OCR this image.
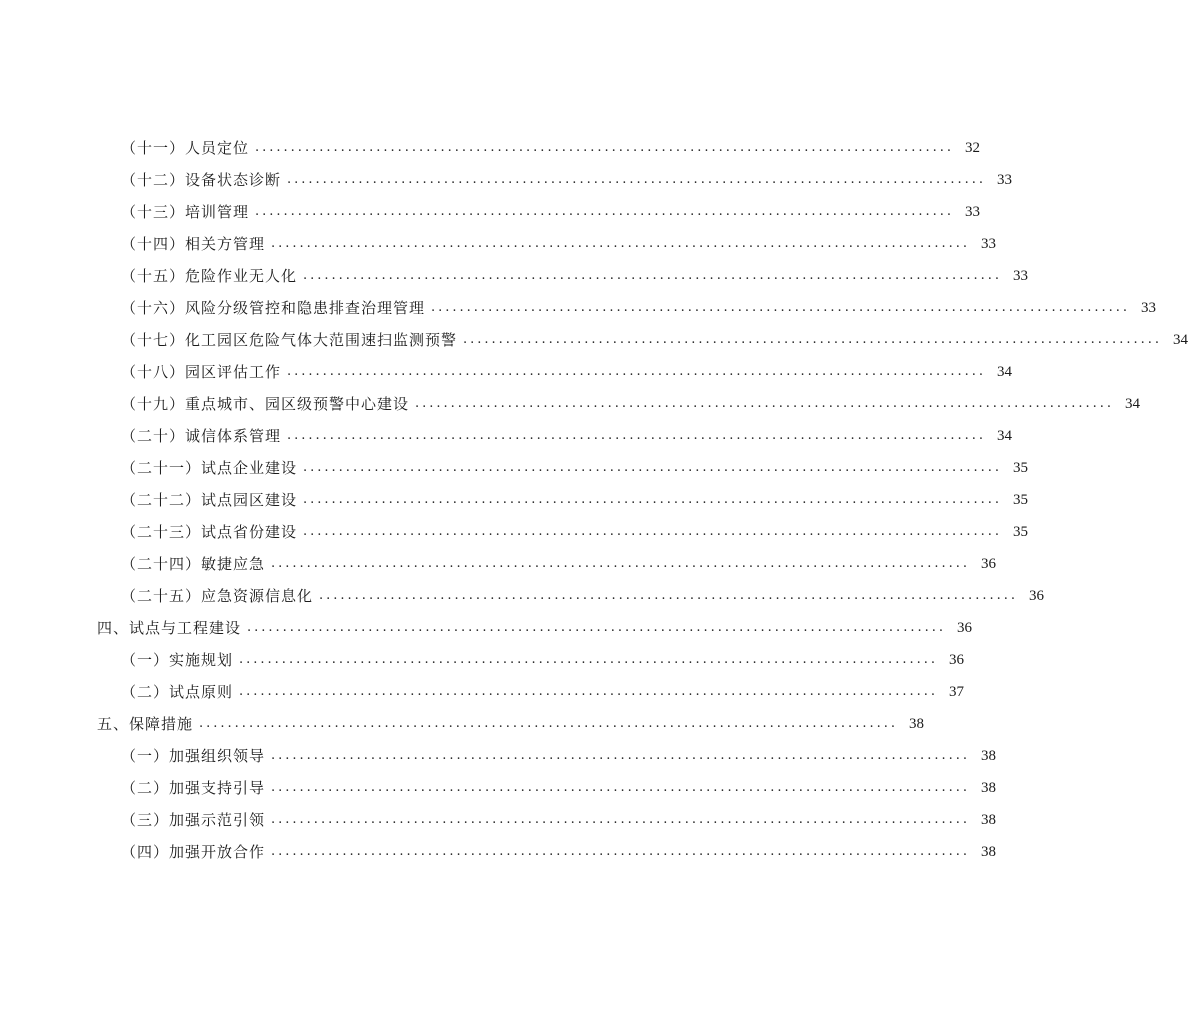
（十一）人员定位 .................................................................................................. 32
（十二）设备状态诊断 .................................................................................................. 33
（十三）培训管理 .................................................................................................. 33
（十四）相关方管理 .................................................................................................. 33
（十五）危险作业无人化 .................................................................................................. 33
（十六）风险分级管控和隐患排查治理管理 .................................................................................................. 33
（十七）化工园区危险气体大范围速扫监测预警 .................................................................................................. 34
（十八）园区评估工作 .................................................................................................. 34
（十九）重点城市、园区级预警中心建设 .................................................................................................. 34
（二十）诚信体系管理 .................................................................................................. 34
（二十一）试点企业建设 .................................................................................................. 35
（二十二）试点园区建设 .................................................................................................. 35
（二十三）试点省份建设 .................................................................................................. 35
（二十四）敏捷应急 .................................................................................................. 36
（二十五）应急资源信息化 .................................................................................................. 36
四、试点与工程建设 .................................................................................................. 36
（一）实施规划 .................................................................................................. 36
（二）试点原则 .................................................................................................. 37
五、保障措施 .................................................................................................. 38
（一）加强组织领导 .................................................................................................. 38
（二）加强支持引导 .................................................................................................. 38
（三）加强示范引领 .................................................................................................. 38
（四）加强开放合作 .................................................................................................. 38
